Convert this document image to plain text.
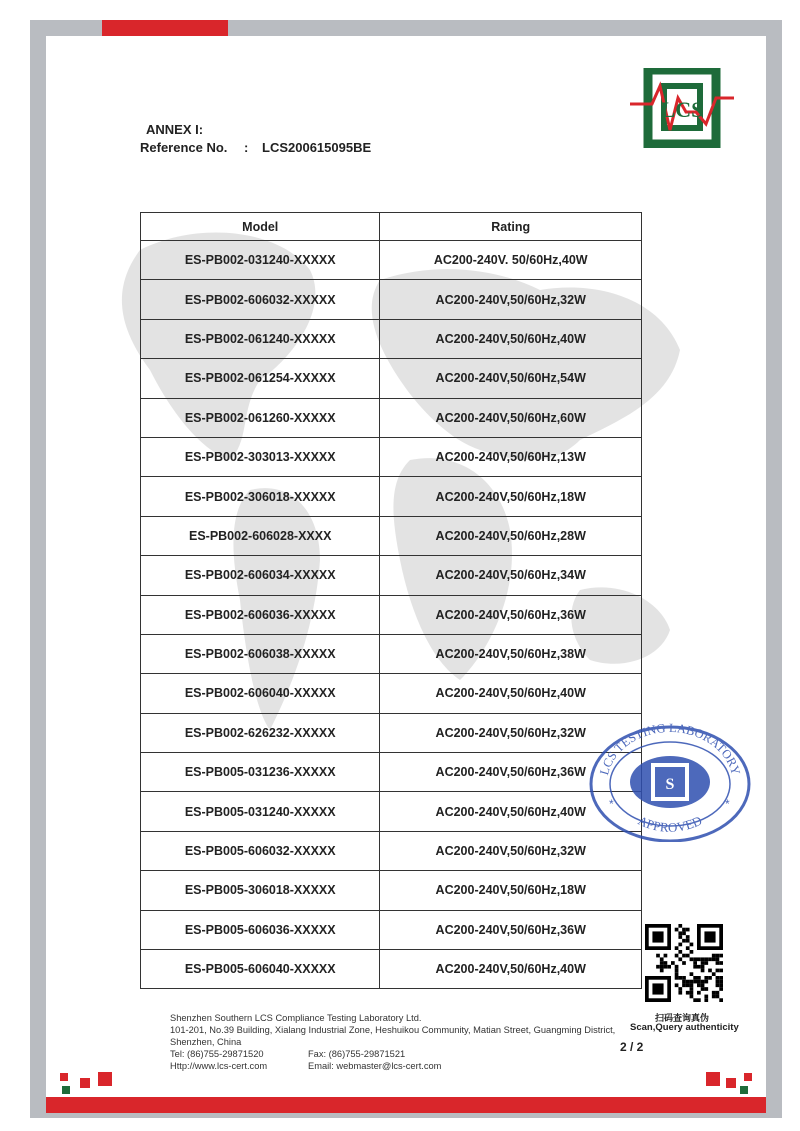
LCS
ANNEX I:
Reference No. : LCS200615095BE
Model	Rating
ES-PB002-031240-XXXXX	AC200-240V. 50/60Hz,40W
ES-PB002-606032-XXXXX	AC200-240V,50/60Hz,32W
ES-PB002-061240-XXXXX	AC200-240V,50/60Hz,40W
ES-PB002-061254-XXXXX	AC200-240V,50/60Hz,54W
ES-PB002-061260-XXXXX	AC200-240V,50/60Hz,60W
ES-PB002-303013-XXXXX	AC200-240V,50/60Hz,13W
ES-PB002-306018-XXXXX	AC200-240V,50/60Hz,18W
ES-PB002-606028-XXXX	AC200-240V,50/60Hz,28W
ES-PB002-606034-XXXXX	AC200-240V,50/60Hz,34W
ES-PB002-606036-XXXXX	AC200-240V,50/60Hz,36W
ES-PB002-606038-XXXXX	AC200-240V,50/60Hz,38W
ES-PB002-606040-XXXXX	AC200-240V,50/60Hz,40W
ES-PB002-626232-XXXXX	AC200-240V,50/60Hz,32W
ES-PB005-031236-XXXXX	AC200-240V,50/60Hz,36W
ES-PB005-031240-XXXXX	AC200-240V,50/60Hz,40W
ES-PB005-606032-XXXXX	AC200-240V,50/60Hz,32W
ES-PB005-306018-XXXXX	AC200-240V,50/60Hz,18W
ES-PB005-606036-XXXXX	AC200-240V,50/60Hz,36W
ES-PB005-606040-XXXXX	AC200-240V,50/60Hz,40W
S
LCS TESTING LABORATORY
APPROVED
*	*
扫码查询真伪
Scan,Query authenticity
2 / 2
Shenzhen Southern LCS Compliance Testing Laboratory Ltd.
101-201, No.39 Building, Xialang Industrial Zone, Heshuikou Community, Matian Street, Guangming District,
Shenzhen, China
Tel: (86)755-29871520	Fax: (86)755-29871521
Http://www.lcs-cert.com	Email: webmaster@lcs-cert.com
